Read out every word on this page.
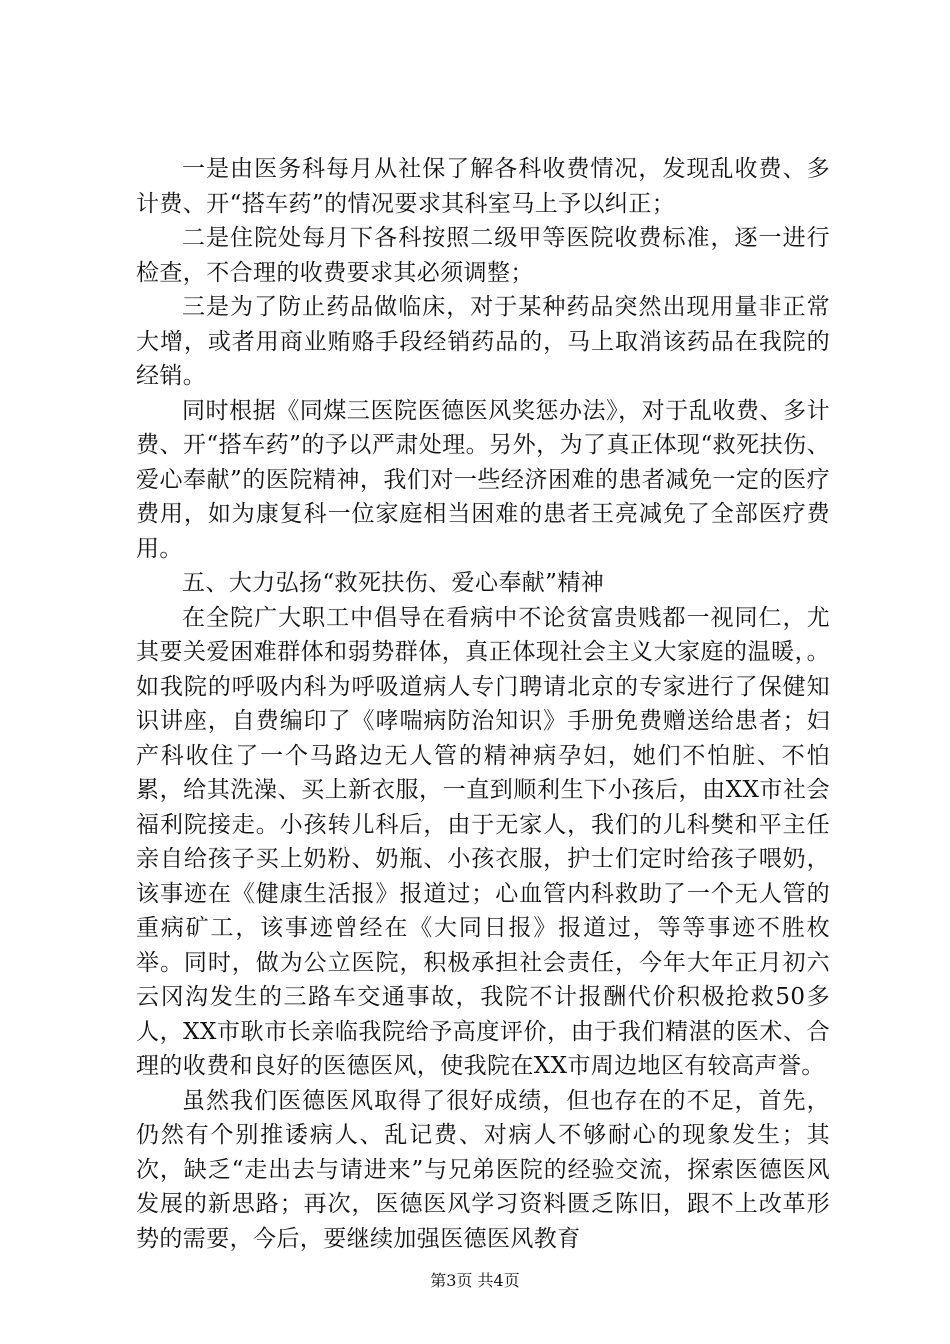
一是由医务科每月从社保了解各科收费情况，发现乱收费、多计费、开“搭车药”的情况要求其科室马上予以纠正；

二是住院处每月下各科按照二级甲等医院收费标准，逐一进行检查，不合理的收费要求其必须调整；

三是为了防止药品做临床，对于某种药品突然出现用量非正常大增，或者用商业贿赂手段经销药品的，马上取消该药品在我院的经销。

同时根据《同煤三医院医德医风奖惩办法》，对于乱收费、多计费、开“搭车药”的予以严肃处理。另外，为了真正体现“救死扶伤、爱心奉献”的医院精神，我们对一些经济困难的患者减免一定的医疗费用，如为康复科一位家庭相当困难的患者王亮减免了全部医疗费用。

五、大力弘扬“救死扶伤、爱心奉献”精神

在全院广大职工中倡导在看病中不论贫富贵贱都一视同仁，尤其要关爱困难群体和弱势群体，真正体现社会主义大家庭的温暖，。如我院的呼吸内科为呼吸道病人专门聘请北京的专家进行了保健知识讲座，自费编印了《哮喘病防治知识》手册免费赠送给患者；妇产科收住了一个马路边无人管的精神病孕妇，她们不怕脏、不怕累，给其洗澡、买上新衣服，一直到顺利生下小孩后，由XX市社会福利院接走。小孩转儿科后，由于无家人，我们的儿科樊和平主任亲自给孩子买上奶粉、奶瓶、小孩衣服，护士们定时给孩子喂奶，该事迹在《健康生活报》报道过；心血管内科救助了一个无人管的重病矿工，该事迹曾经在《大同日报》报道过，等等事迹不胜枚举。同时，做为公立医院，积极承担社会责任，今年大年正月初六云冈沟发生的三路车交通事故，我院不计报酬代价积极抢救50多人，XX市耿市长亲临我院给予高度评价，由于我们精湛的医术、合理的收费和良好的医德医风，使我院在XX市周边地区有较高声誉。

虽然我们医德医风取得了很好成绩，但也存在的不足，首先，仍然有个别推诿病人、乱记费、对病人不够耐心的现象发生；其次，缺乏“走出去与请进来”与兄弟医院的经验交流，探索医德医风发展的新思路；再次，医德医风学习资料匮乏陈旧，跟不上改革形势的需要，今后，要继续加强医德医风教育

第3页 共4页
